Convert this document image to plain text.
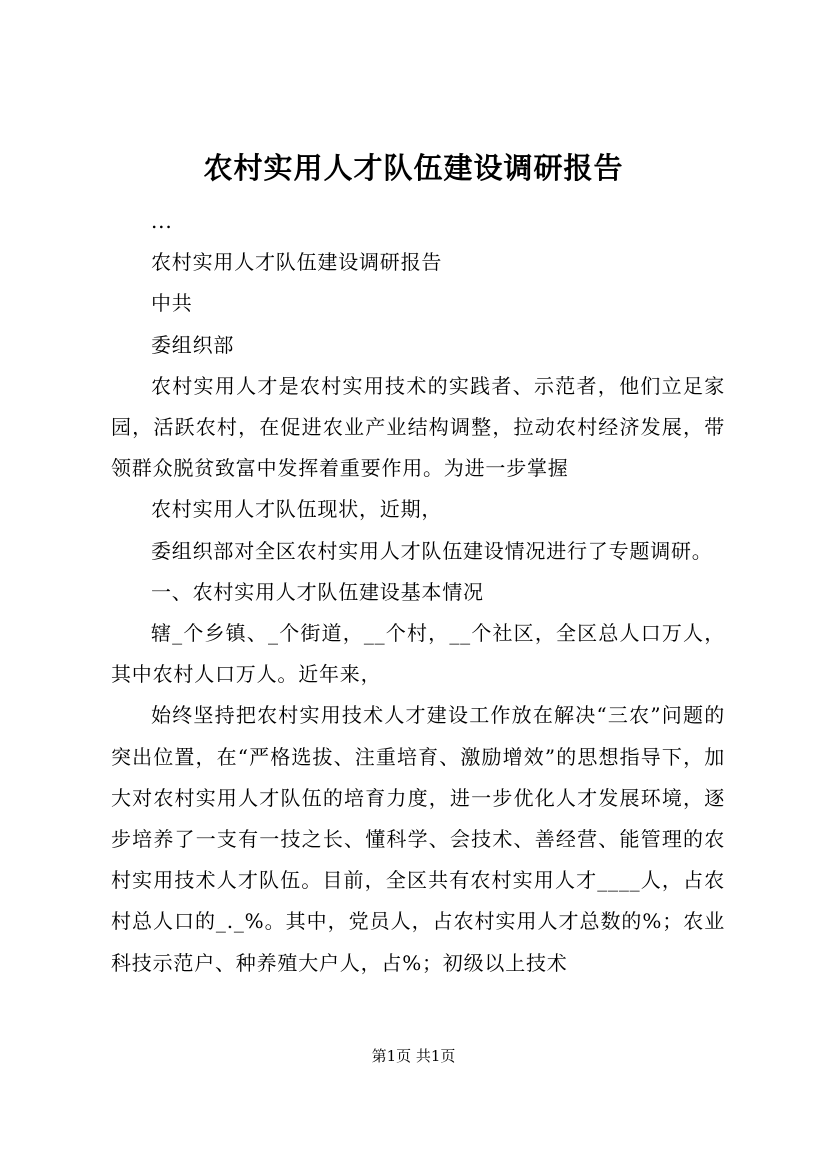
农村实用人才队伍建设调研报告

...

农村实用人才队伍建设调研报告

中共

委组织部

农村实用人才是农村实用技术的实践者、示范者，他们立足家园，活跃农村，在促进农业产业结构调整，拉动农村经济发展，带领群众脱贫致富中发挥着重要作用。为进一步掌握

农村实用人才队伍现状，近期，

委组织部对全区农村实用人才队伍建设情况进行了专题调研。

一、农村实用人才队伍建设基本情况

辖_个乡镇、_个街道，__个村，__个社区，全区总人口万人，其中农村人口万人。近年来，

始终坚持把农村实用技术人才建设工作放在解决“三农”问题的突出位置，在“严格选拔、注重培育、激励增效”的思想指导下，加大对农村实用人才队伍的培育力度，进一步优化人才发展环境，逐步培养了一支有一技之长、懂科学、会技术、善经营、能管理的农村实用技术人才队伍。目前，全区共有农村实用人才____人，占农村总人口的_._%。其中，党员人，占农村实用人才总数的%；农业科技示范户、种养殖大户人，占%；初级以上技术

第1页 共1页
